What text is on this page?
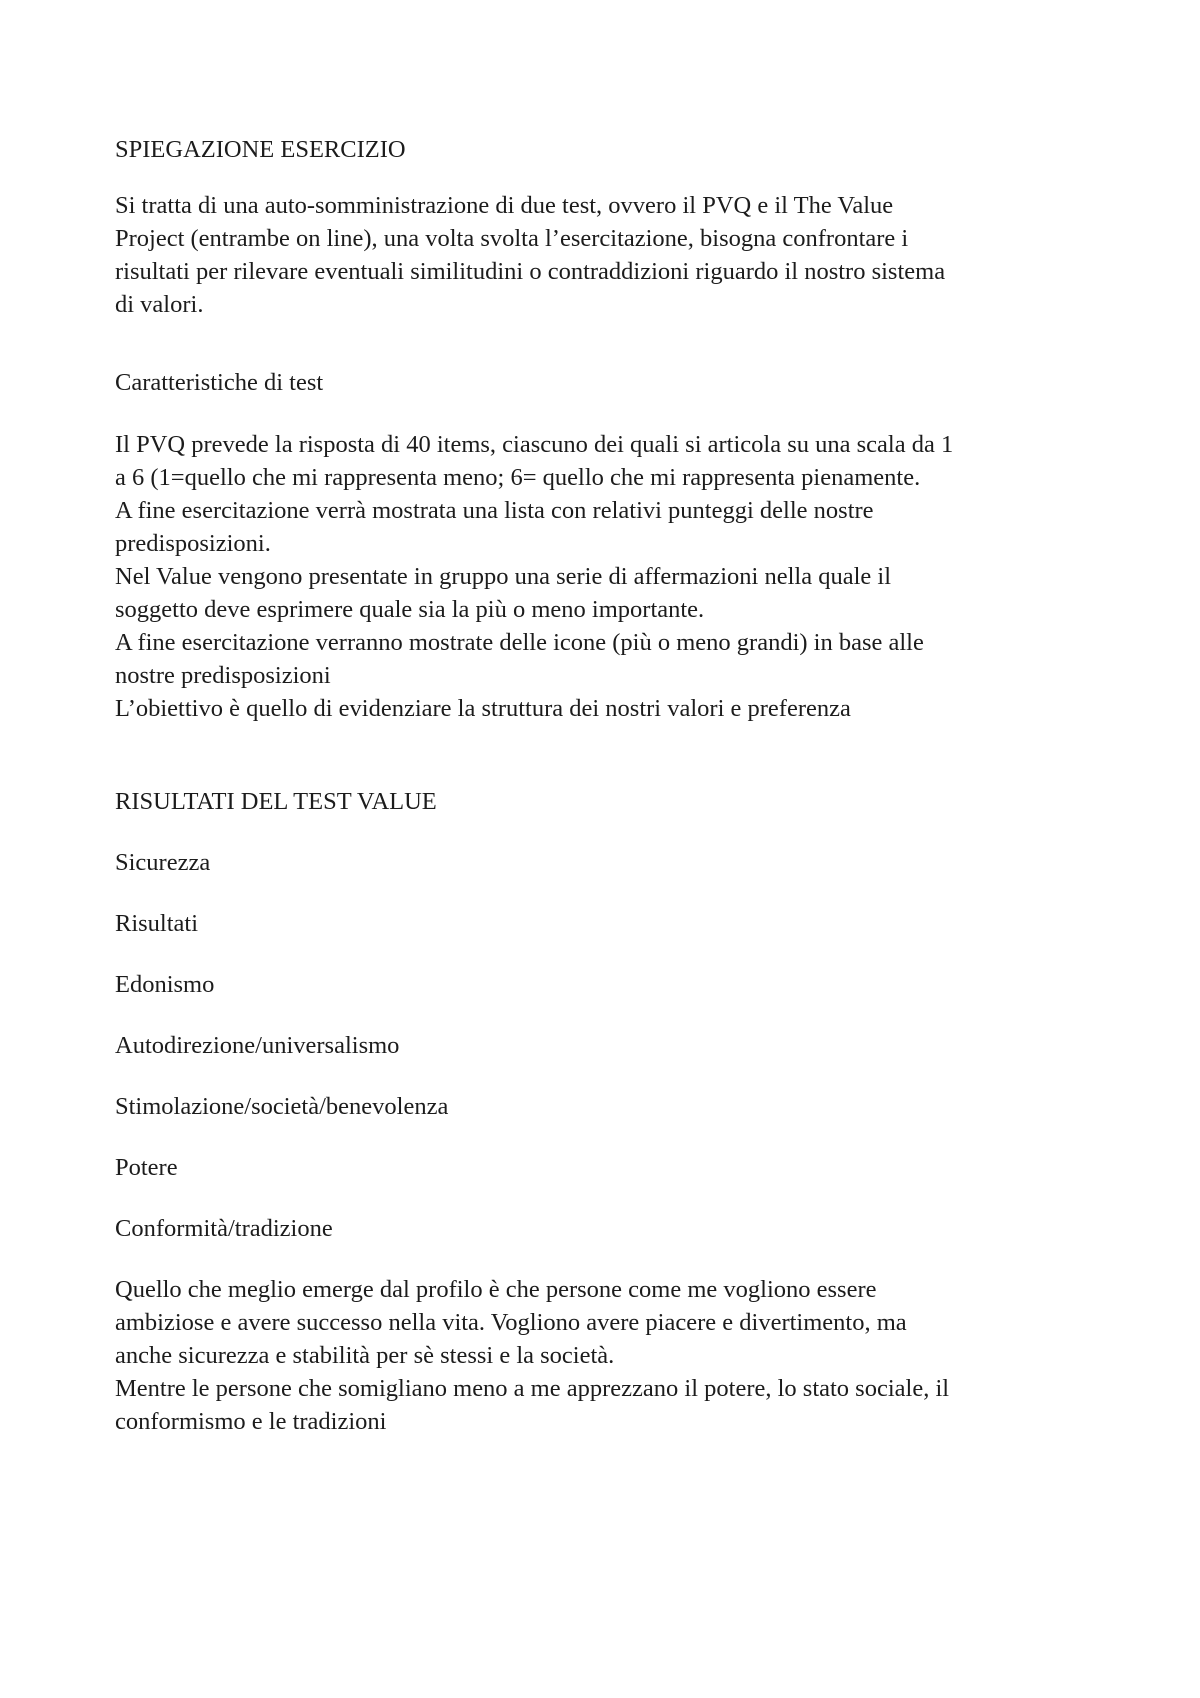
SPIEGAZIONE ESERCIZIO

Si tratta di una auto-somministrazione di due test, ovvero il PVQ e il The Value
Project (entrambe on line), una volta svolta l’esercitazione, bisogna confrontare i
risultati per rilevare eventuali similitudini o contraddizioni riguardo il nostro sistema
di valori.

Caratteristiche di test

Il PVQ prevede la risposta di 40 items, ciascuno dei quali si articola su una scala da 1
a 6 (1=quello che mi rappresenta meno; 6= quello che mi rappresenta pienamente.
A fine esercitazione verrà mostrata una lista con relativi punteggi delle nostre
predisposizioni.
Nel Value vengono presentate in gruppo una serie di affermazioni nella quale il
soggetto deve esprimere quale sia la più o meno importante.
A fine esercitazione verranno mostrate delle icone (più o meno grandi) in base alle
nostre predisposizioni
L’obiettivo è quello di evidenziare la struttura dei nostri valori e preferenza

RISULTATI DEL TEST VALUE

Sicurezza

Risultati

Edonismo

Autodirezione/universalismo

Stimolazione/società/benevolenza

Potere

Conformità/tradizione

Quello che meglio emerge dal profilo è che persone come me vogliono essere
ambiziose e avere successo nella vita. Vogliono avere piacere e divertimento, ma
anche sicurezza e stabilità per sè stessi e la società.
Mentre le persone che somigliano meno a me apprezzano il potere, lo stato sociale, il
conformismo e le tradizioni
